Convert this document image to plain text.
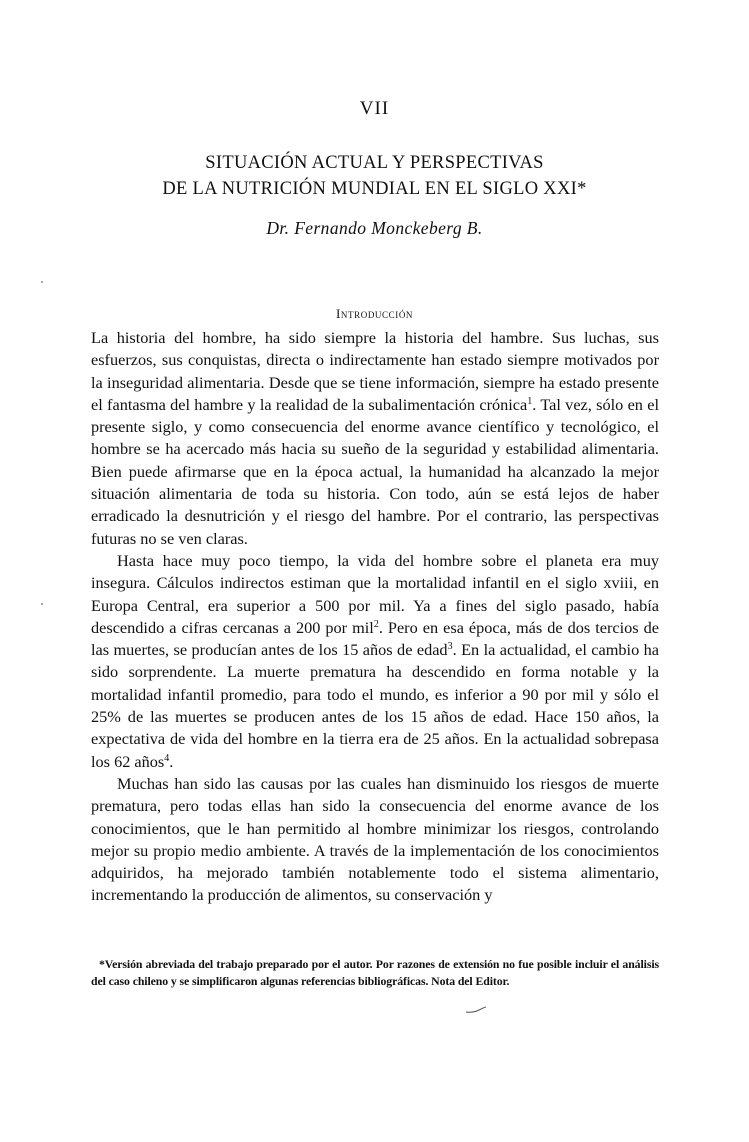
VII
SITUACIÓN ACTUAL Y PERSPECTIVAS
DE LA NUTRICIÓN MUNDIAL EN EL SIGLO XXI*
Dr. Fernando Monckeberg B.
Introducción

La historia del hombre, ha sido siempre la historia del hambre. Sus luchas, sus esfuerzos, sus conquistas, directa o indirectamente han estado siempre motivados por la inseguridad alimentaria. Desde que se tiene información, siempre ha estado presente el fantasma del hambre y la realidad de la subalimentación crónica$^1$. Tal vez, sólo en el presente siglo, y como consecuencia del enorme avance científico y tecnológico, el hombre se ha acercado más hacia su sueño de la seguridad y estabilidad alimentaria. Bien puede afirmarse que en la época actual, la humanidad ha alcanzado la mejor situación alimentaria de toda su historia. Con todo, aún se está lejos de haber erradicado la desnutrición y el riesgo del hambre. Por el contrario, las perspectivas futuras no se ven claras.

Hasta hace muy poco tiempo, la vida del hombre sobre el planeta era muy insegura. Cálculos indirectos estiman que la mortalidad infantil en el siglo xviii, en Europa Central, era superior a 500 por mil. Ya a fines del siglo pasado, había descendido a cifras cercanas a 200 por mil$^2$. Pero en esa época, más de dos tercios de las muertes, se producían antes de los 15 años de edad$^3$. En la actualidad, el cambio ha sido sorprendente. La muerte prematura ha descendido en forma notable y la mortalidad infantil promedio, para todo el mundo, es inferior a 90 por mil y sólo el 25% de las muertes se producen antes de los 15 años de edad. Hace 150 años, la expectativa de vida del hombre en la tierra era de 25 años. En la actualidad sobrepasa los 62 años$^4$.

Muchas han sido las causas por las cuales han disminuido los riesgos de muerte prematura, pero todas ellas han sido la consecuencia del enorme avance de los conocimientos, que le han permitido al hombre minimizar los riesgos, controlando mejor su propio medio ambiente. A través de la implementación de los conocimientos adquiridos, ha mejorado también notablemente todo el sistema alimentario, incrementando la producción de alimentos, su conservación y

*Versión abreviada del trabajo preparado por el autor. Por razones de extensión no fue posible incluir el análisis del caso chileno y se simplificaron algunas referencias bibliográficas. Nota del Editor.
